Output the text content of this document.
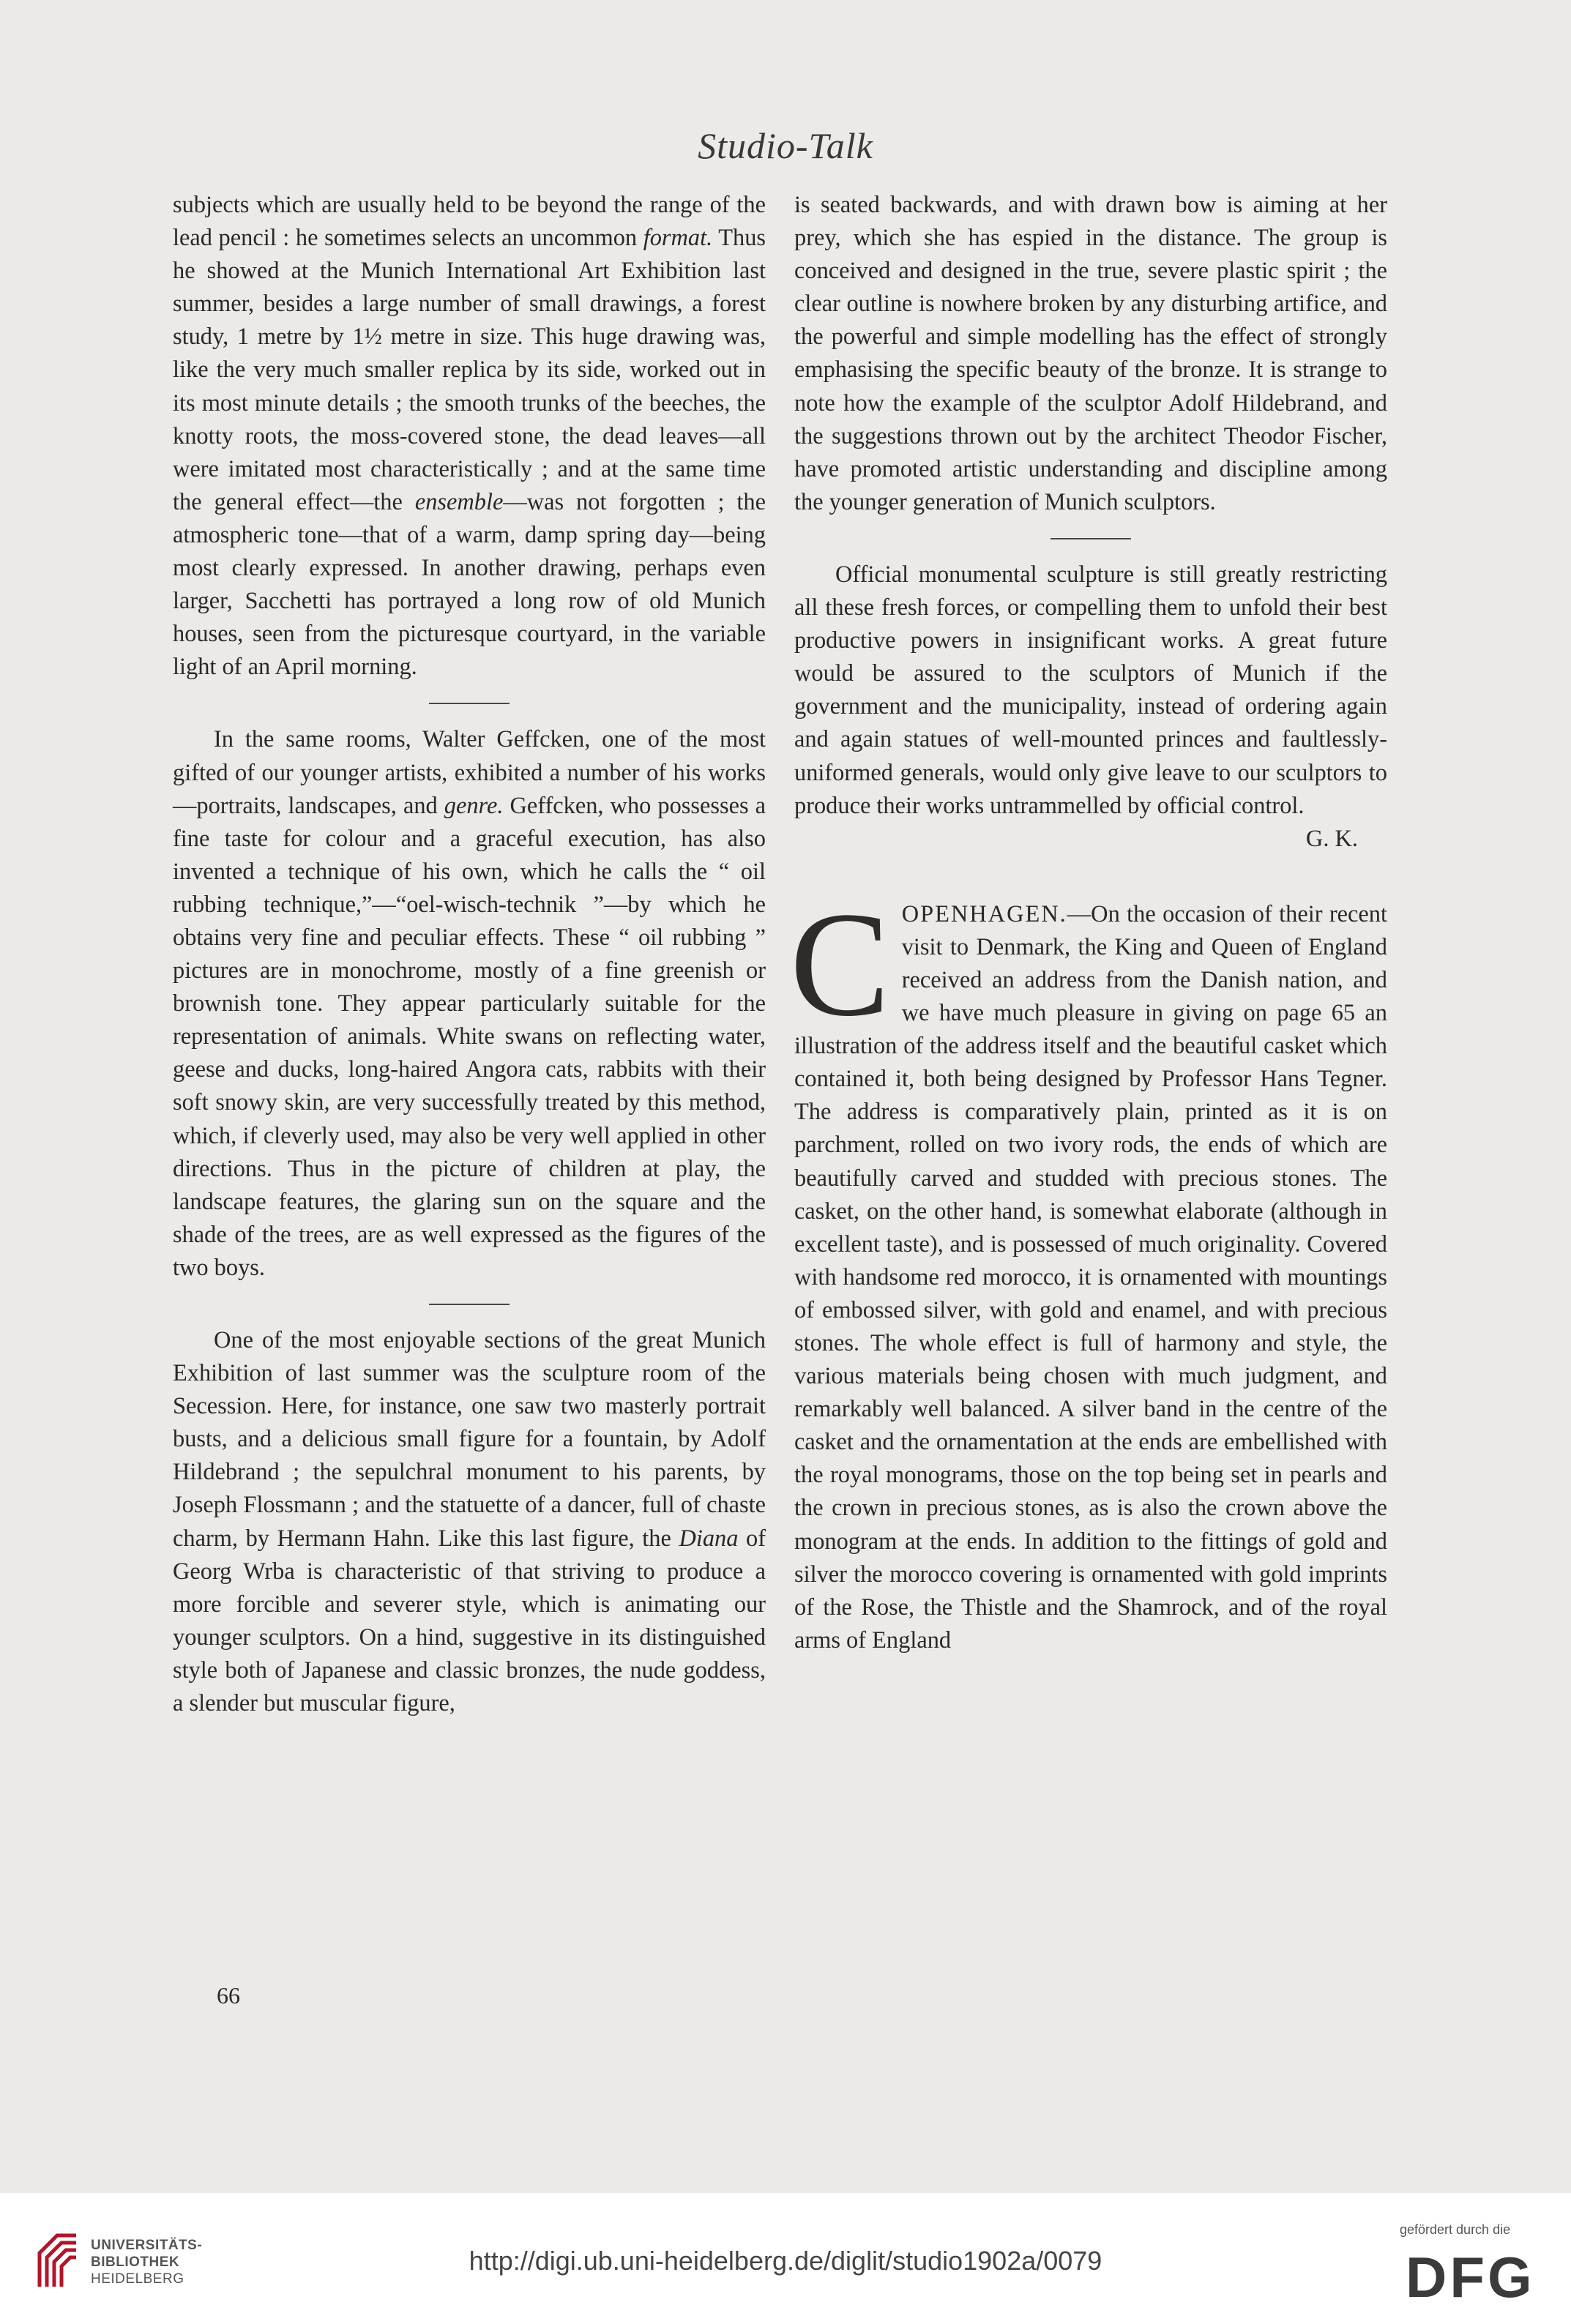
Studio-Talk

subjects which are usually held to be beyond the range of the lead pencil : he sometimes selects an uncommon format. Thus he showed at the Munich International Art Exhibition last summer, besides a large number of small drawings, a forest study, 1 metre by 1½ metre in size. This huge drawing was, like the very much smaller replica by its side, worked out in its most minute details ; the smooth trunks of the beeches, the knotty roots, the moss-covered stone, the dead leaves—all were imitated most characteristically ; and at the same time the general effect—the ensemble—was not forgotten ; the atmospheric tone—that of a warm, damp spring day—being most clearly expressed. In another drawing, perhaps even larger, Sacchetti has portrayed a long row of old Munich houses, seen from the picturesque courtyard, in the variable light of an April morning.

In the same rooms, Walter Geffcken, one of the most gifted of our younger artists, exhibited a number of his works—portraits, landscapes, and genre. Geffcken, who possesses a fine taste for colour and a graceful execution, has also invented a technique of his own, which he calls the “ oil rubbing technique,”—“oel-wisch-technik ”—by which he obtains very fine and peculiar effects. These “ oil rubbing ” pictures are in monochrome, mostly of a fine greenish or brownish tone. They appear particularly suitable for the representation of animals. White swans on reflecting water, geese and ducks, long-haired Angora cats, rabbits with their soft snowy skin, are very successfully treated by this method, which, if cleverly used, may also be very well applied in other directions. Thus in the picture of children at play, the landscape features, the glaring sun on the square and the shade of the trees, are as well expressed as the figures of the two boys.

One of the most enjoyable sections of the great Munich Exhibition of last summer was the sculpture room of the Secession. Here, for instance, one saw two masterly portrait busts, and a delicious small figure for a fountain, by Adolf Hildebrand ; the sepulchral monument to his parents, by Joseph Flossmann ; and the statuette of a dancer, full of chaste charm, by Hermann Hahn. Like this last figure, the Diana of Georg Wrba is characteristic of that striving to produce a more forcible and severer style, which is animating our younger sculptors. On a hind, suggestive in its distinguished style both of Japanese and classic bronzes, the nude goddess, a slender but muscular figure,

is seated backwards, and with drawn bow is aiming at her prey, which she has espied in the distance. The group is conceived and designed in the true, severe plastic spirit ; the clear outline is nowhere broken by any disturbing artifice, and the powerful and simple modelling has the effect of strongly emphasising the specific beauty of the bronze. It is strange to note how the example of the sculptor Adolf Hildebrand, and the suggestions thrown out by the architect Theodor Fischer, have promoted artistic understanding and discipline among the younger generation of Munich sculptors.

Official monumental sculpture is still greatly restricting all these fresh forces, or compelling them to unfold their best productive powers in insignificant works. A great future would be assured to the sculptors of Munich if the government and the municipality, instead of ordering again and again statues of well-mounted princes and faultlessly-uniformed generals, would only give leave to our sculptors to produce their works untrammelled by official control.

G. K.

COPENHAGEN.—On the occasion of their recent visit to Denmark, the King and Queen of England received an address from the Danish nation, and we have much pleasure in giving on page 65 an illustration of the address itself and the beautiful casket which contained it, both being designed by Professor Hans Tegner. The address is comparatively plain, printed as it is on parchment, rolled on two ivory rods, the ends of which are beautifully carved and studded with precious stones. The casket, on the other hand, is somewhat elaborate (although in excellent taste), and is possessed of much originality. Covered with handsome red morocco, it is ornamented with mountings of embossed silver, with gold and enamel, and with precious stones. The whole effect is full of harmony and style, the various materials being chosen with much judgment, and remarkably well balanced. A silver band in the centre of the casket and the ornamentation at the ends are embellished with the royal monograms, those on the top being set in pearls and the crown in precious stones, as is also the crown above the monogram at the ends. In addition to the fittings of gold and silver the morocco covering is ornamented with gold imprints of the Rose, the Thistle and the Shamrock, and of the royal arms of England

66
UNIVERSITÄTS-
BIBLIOTHEK
HEIDELBERG
http://digi.ub.uni-heidelberg.de/diglit/studio1902a/0079
gefördert durch die
DFG
